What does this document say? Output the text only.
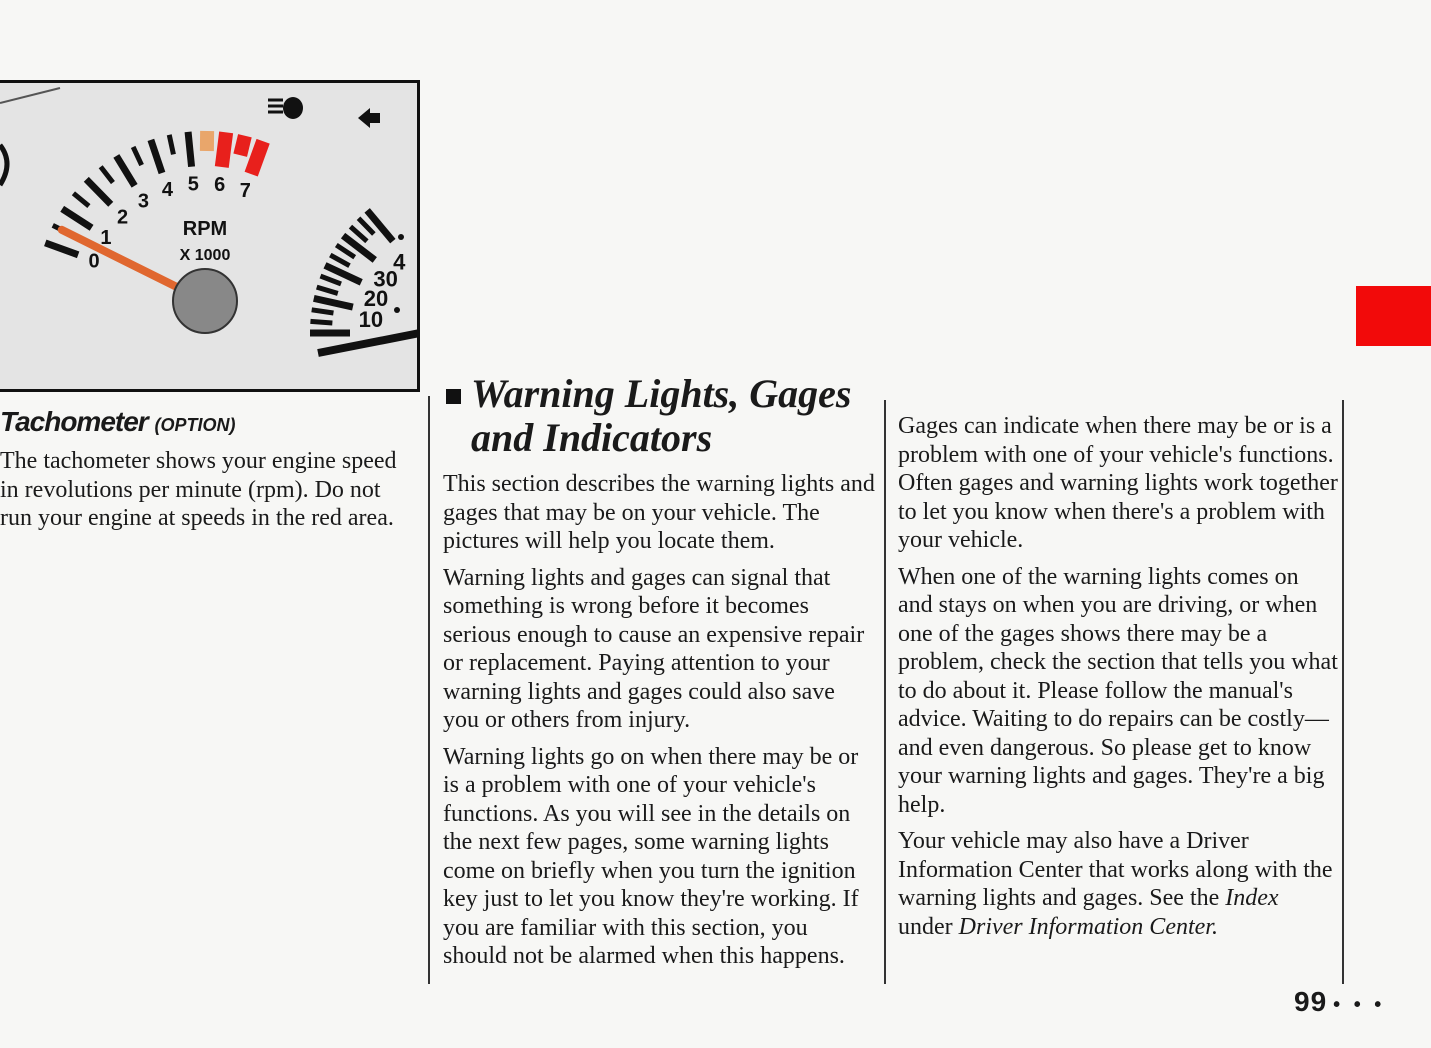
0
1
2
3
4 5 6 7
RPM
X 1000
10
20
30
4
Tachometer (OPTION)

The tachometer shows your engine speed in revolutions per minute (rpm). Do not run your engine at speeds in the red area.

Warning Lights, Gages
and Indicators

This section describes the warning lights and gages that may be on your vehicle. The pictures will help you locate them.

Warning lights and gages can signal that something is wrong before it becomes serious enough to cause an expensive repair or replacement. Paying attention to your warning lights and gages could also save you or others from injury.

Warning lights go on when there may be or is a problem with one of your vehicle's functions. As you will see in the details on the next few pages, some warning lights come on briefly when you turn the ignition key just to let you know they're working. If you are familiar with this section, you should not be alarmed when this happens.

Gages can indicate when there may be or is a problem with one of your vehicle's functions. Often gages and warning lights work together to let you know when there's a problem with your vehicle.

When one of the warning lights comes on and stays on when you are driving, or when one of the gages shows there may be a problem, check the section that tells you what to do about it. Please follow the manual's advice. Waiting to do repairs can be costly—and even dangerous. So please get to know your warning lights and gages. They're a big help.

Your vehicle may also have a Driver Information Center that works along with the warning lights and gages. See the Index under Driver Information Center.

99 • • •
